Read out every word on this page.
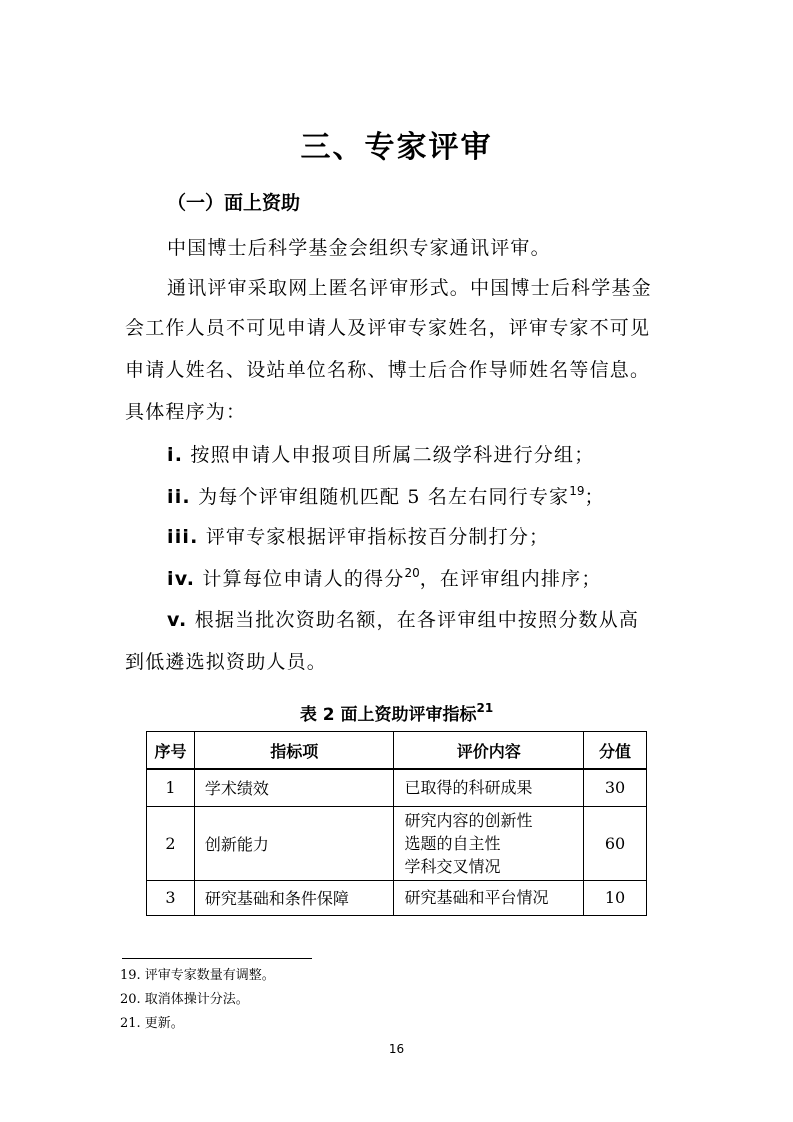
三、专家评审
（一）面上资助
中国博士后科学基金会组织专家通讯评审。
通讯评审采取网上匿名评审形式。中国博士后科学基金
会工作人员不可见申请人及评审专家姓名，评审专家不可见
申请人姓名、设站单位名称、博士后合作导师姓名等信息。
具体程序为：
i. 按照申请人申报项目所属二级学科进行分组；
ii. 为每个评审组随机匹配 5 名左右同行专家$^{19}$；
iii. 评审专家根据评审指标按百分制打分；
iv. 计算每位申请人的得分$^{20}$，在评审组内排序；
v. 根据当批次资助名额，在各评审组中按照分数从高
到低遴选拟资助人员。
表 2 面上资助评审指标$^{21}$
序号	指标项	评价内容	分值
1	学术绩效	已取得的科研成果	30
2	创新能力	研究内容的创新性
选题的自主性
学科交叉情况	60
3	研究基础和条件保障	研究基础和平台情况	10
19. 评审专家数量有调整。
20. 取消体操计分法。
21. 更新。
16
